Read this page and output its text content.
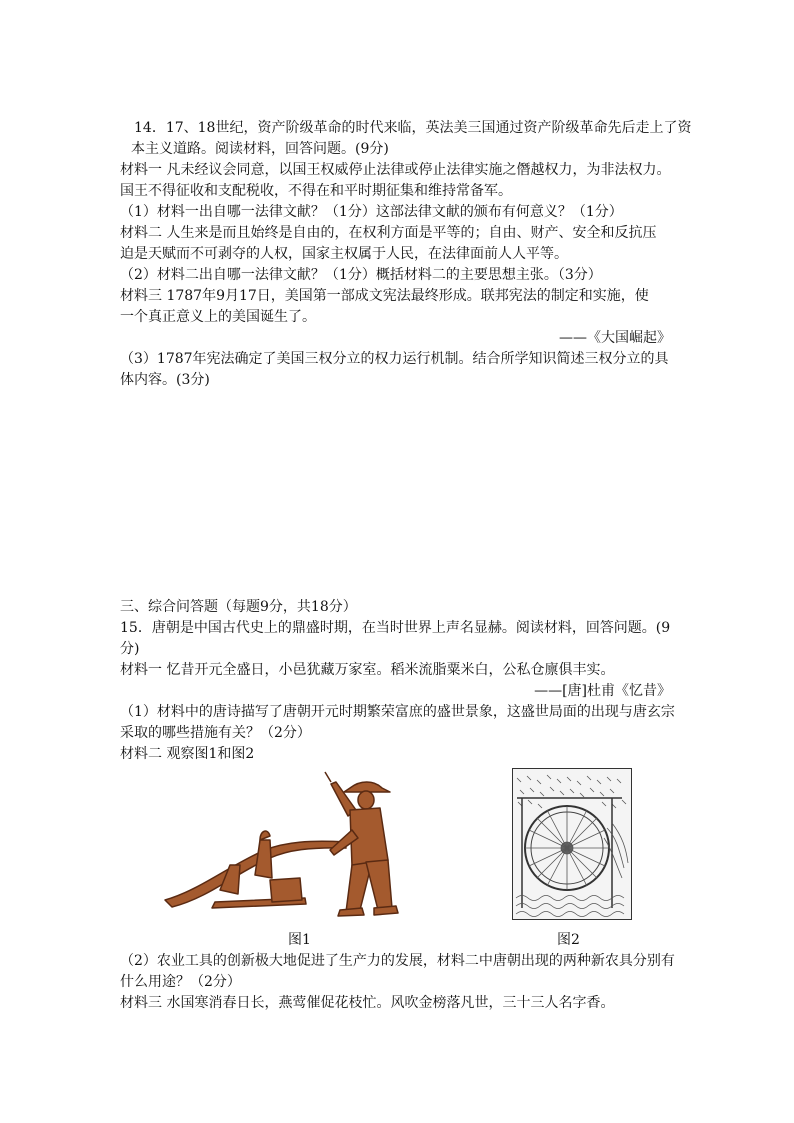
14．17、18世纪，资产阶级革命的时代来临，英法美三国通过资产阶级革命先后走上了资
本主义道路。阅读材料，回答问题。(9分)
材料一 凡未经议会同意，以国王权威停止法律或停止法律实施之僭越权力，为非法权力。
国王不得征收和支配税收，不得在和平时期征集和维持常备军。
（1）材料一出自哪一法律文献？（1分）这部法律文献的颁布有何意义？（1分）
材料二 人生来是而且始终是自由的，在权利方面是平等的；自由、财产、安全和反抗压
迫是天赋而不可剥夺的人权，国家主权属于人民，在法律面前人人平等。
（2）材料二出自哪一法律文献？（1分）概括材料二的主要思想主张。（3分）
材料三 1787年9月17日，美国第一部成文宪法最终形成。联邦宪法的制定和实施，使
一个真正意义上的美国诞生了。
——《大国崛起》
（3）1787年宪法确定了美国三权分立的权力运行机制。结合所学知识简述三权分立的具
体内容。(3分)
三、综合问答题（每题9分，共18分）
15．唐朝是中国古代史上的鼎盛时期，在当时世界上声名显赫。阅读材料，回答问题。(9
分)
材料一 忆昔开元全盛日，小邑犹藏万家室。稻米流脂粟米白，公私仓廪俱丰实。
——[唐]杜甫《忆昔》
（1）材料中的唐诗描写了唐朝开元时期繁荣富庶的盛世景象，这盛世局面的出现与唐玄宗
采取的哪些措施有关？（2分）
材料二 观察图1和图2
图1	图2
（2）农业工具的创新极大地促进了生产力的发展，材料二中唐朝出现的两种新农具分别有
什么用途？（2分）
材料三 水国寒消春日长，燕莺催促花枝忙。风吹金榜落凡世，三十三人名字香。
